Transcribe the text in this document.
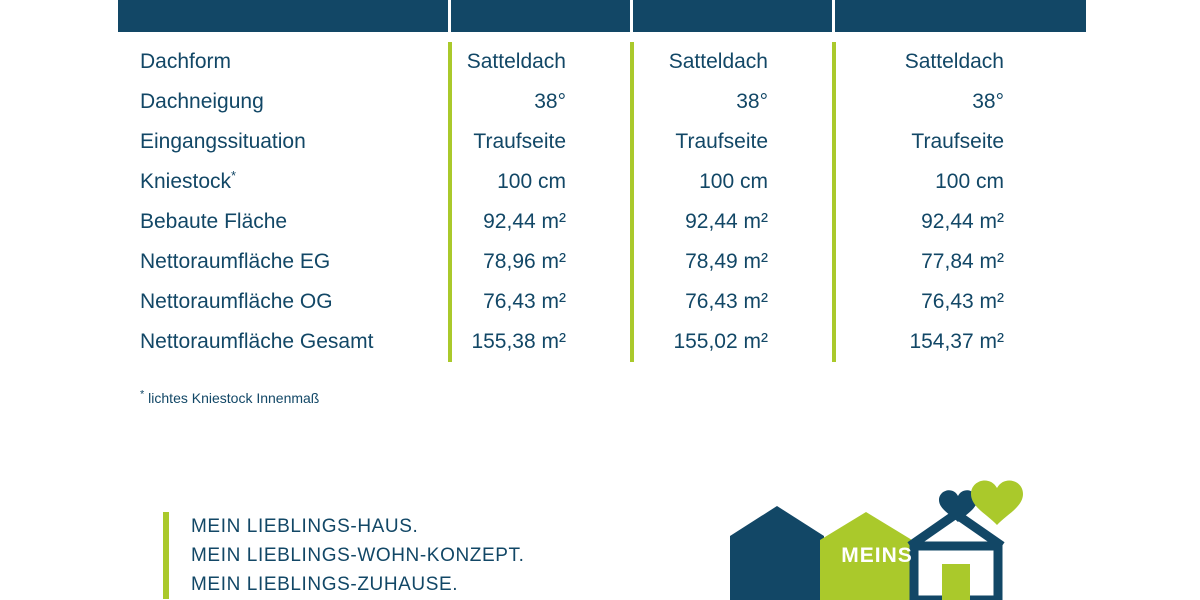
Dachform	Satteldach	Satteldach	Satteldach
Dachneigung	38°	38°	38°
Eingangssituation	Traufseite	Traufseite	Traufseite
Kniestock*	100 cm	100 cm	100 cm
Bebaute Fläche	92,44 m²	92,44 m²	92,44 m²
Nettoraumfläche EG	78,96 m²	78,49 m²	77,84 m²
Nettoraumfläche OG	76,43 m²	76,43 m²	76,43 m²
Nettoraumfläche Gesamt	155,38 m²	155,02 m²	154,37 m²
* lichtes Kniestock Innenmaß
MEIN LIEBLINGS-HAUS.
MEIN LIEBLINGS-WOHN-KONZEPT.
MEIN LIEBLINGS-ZUHAUSE.
MEINS
